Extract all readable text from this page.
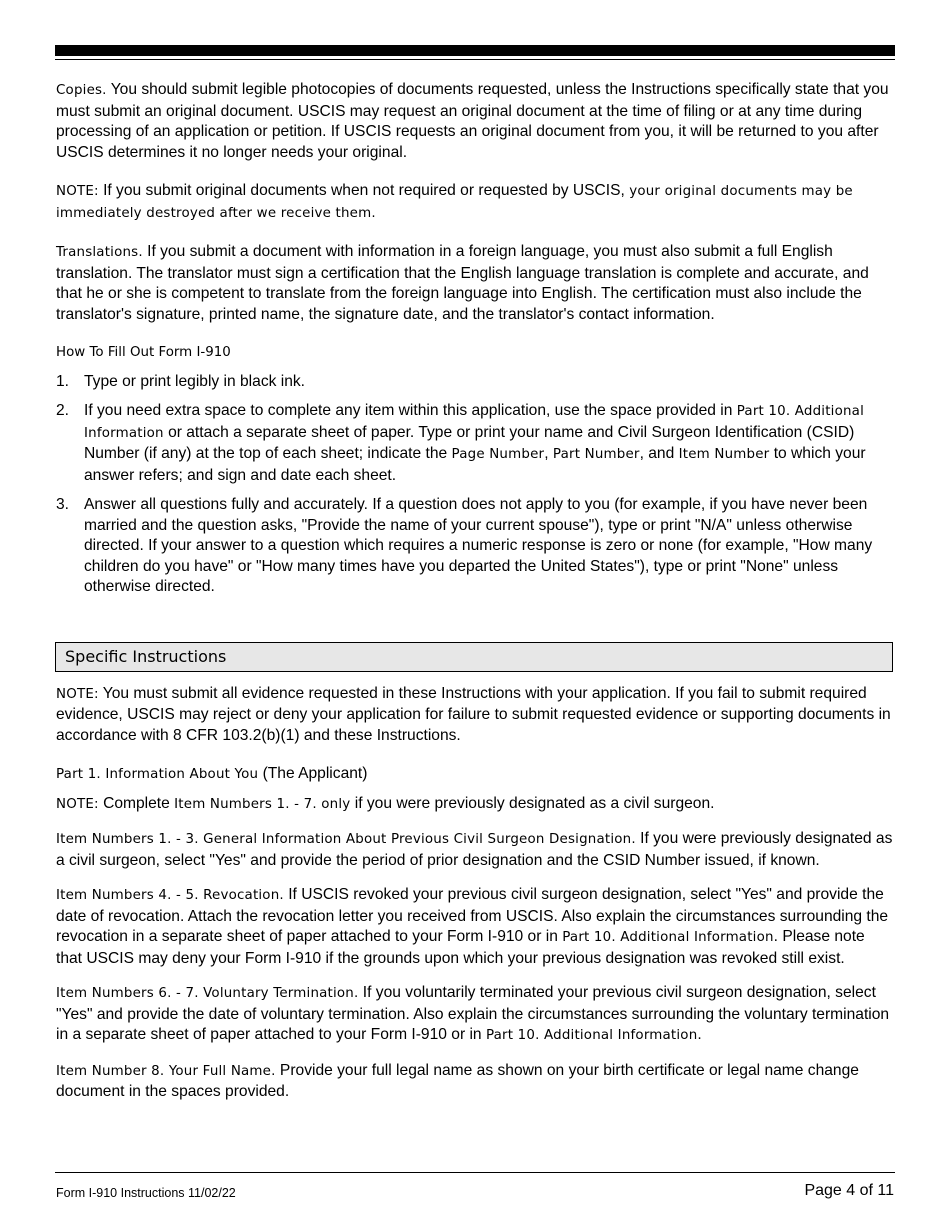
Copies. You should submit legible photocopies of documents requested, unless the Instructions specifically state that you must submit an original document. USCIS may request an original document at the time of filing or at any time during processing of an application or petition. If USCIS requests an original document from you, it will be returned to you after USCIS determines it no longer needs your original.

NOTE: If you submit original documents when not required or requested by USCIS, your original documents may be immediately destroyed after we receive them.

Translations. If you submit a document with information in a foreign language, you must also submit a full English translation. The translator must sign a certification that the English language translation is complete and accurate, and that he or she is competent to translate from the foreign language into English. The certification must also include the translator's signature, printed name, the signature date, and the translator's contact information.

How To Fill Out Form I-910
1. Type or print legibly in black ink.
2. If you need extra space to complete any item within this application, use the space provided in Part 10. Additional Information or attach a separate sheet of paper. Type or print your name and Civil Surgeon Identification (CSID) Number (if any) at the top of each sheet; indicate the Page Number, Part Number, and Item Number to which your answer refers; and sign and date each sheet.
3. Answer all questions fully and accurately. If a question does not apply to you (for example, if you have never been married and the question asks, "Provide the name of your current spouse"), type or print "N/A" unless otherwise directed. If your answer to a question which requires a numeric response is zero or none (for example, "How many children do you have" or "How many times have you departed the United States"), type or print "None" unless otherwise directed.
Specific Instructions

NOTE: You must submit all evidence requested in these Instructions with your application. If you fail to submit required evidence, USCIS may reject or deny your application for failure to submit requested evidence or supporting documents in accordance with 8 CFR 103.2(b)(1) and these Instructions.

Part 1. Information About You (The Applicant)

NOTE: Complete Item Numbers 1. - 7. only if you were previously designated as a civil surgeon.

Item Numbers 1. - 3. General Information About Previous Civil Surgeon Designation. If you were previously designated as a civil surgeon, select "Yes" and provide the period of prior designation and the CSID Number issued, if known.

Item Numbers 4. - 5. Revocation. If USCIS revoked your previous civil surgeon designation, select "Yes" and provide the date of revocation. Attach the revocation letter you received from USCIS. Also explain the circumstances surrounding the revocation in a separate sheet of paper attached to your Form I-910 or in Part 10. Additional Information. Please note that USCIS may deny your Form I-910 if the grounds upon which your previous designation was revoked still exist.

Item Numbers 6. - 7. Voluntary Termination. If you voluntarily terminated your previous civil surgeon designation, select "Yes" and provide the date of voluntary termination. Also explain the circumstances surrounding the voluntary termination in a separate sheet of paper attached to your Form I-910 or in Part 10. Additional Information.

Item Number 8. Your Full Name. Provide your full legal name as shown on your birth certificate or legal name change document in the spaces provided.

Form I-910 Instructions 11/02/22	Page 4 of 11
